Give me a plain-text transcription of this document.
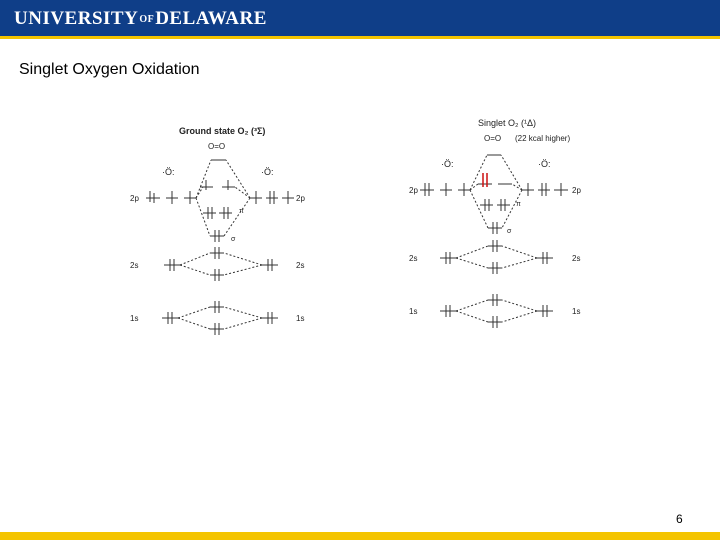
UNIVERSITYOFDELAWARE
Singlet Oxygen Oxidation
Ground state O₂ (³Σ)
O=O
·Ö:	·Ö:
2p	2p
π
σ
2s	2s
1s	1s
Singlet O₂ (¹Δ)
O=O (22 kcal higher)
·Ö:	·Ö:
2p	2p
π
σ
2s	2s
1s	1s
6
